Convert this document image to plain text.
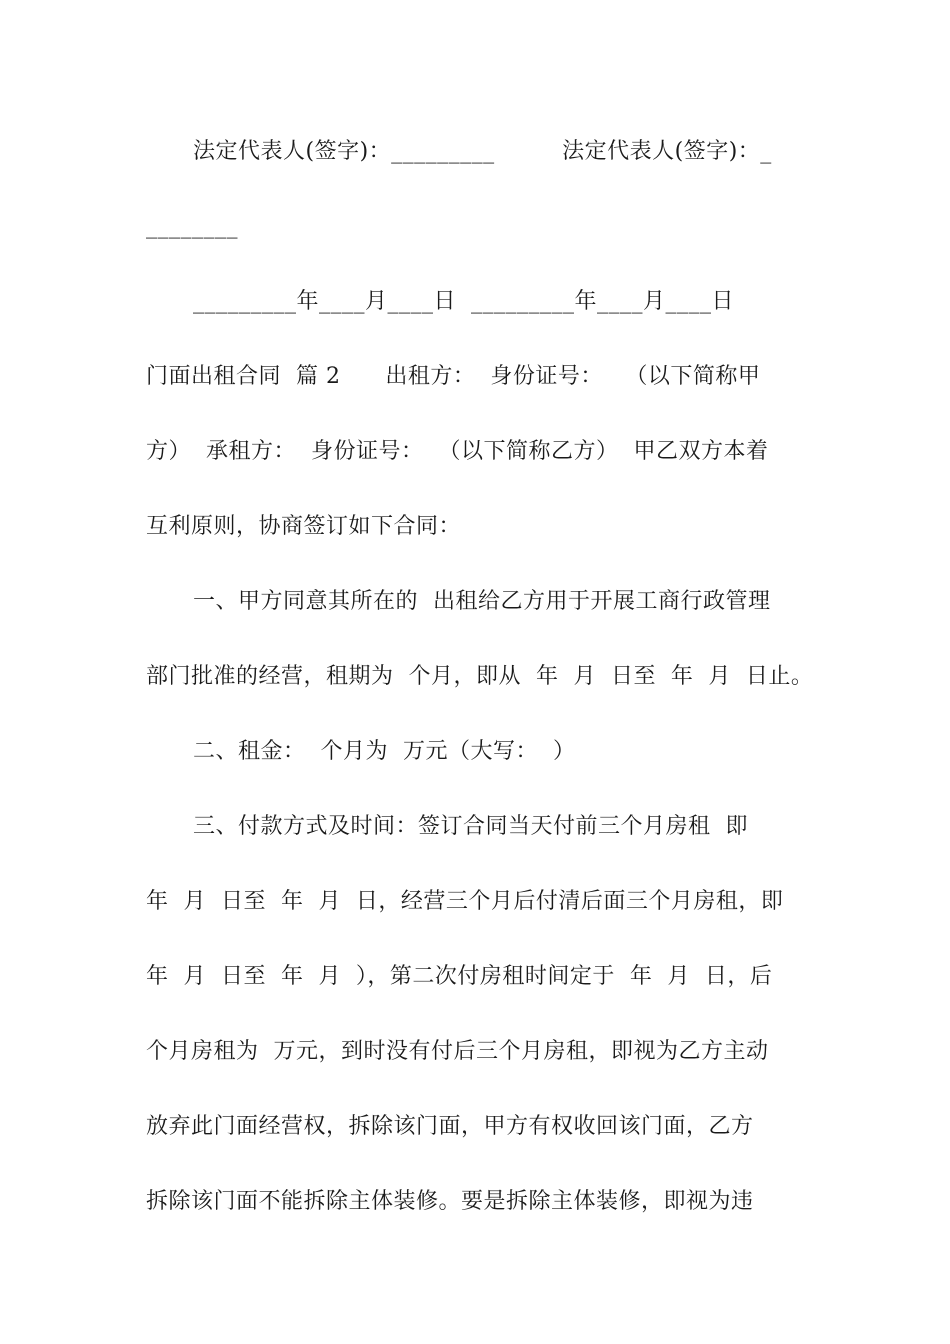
法定代表人(签字)：_________         法定代表人(签字)：_
________
_________年____月____日  _________年____月____日
门面出租合同  篇 2      出租方：  身份证号：   （以下简称甲
方）  承租方：  身份证号：  （以下简称乙方）  甲乙双方本着
互利原则，协商签订如下合同：
一、甲方同意其所在的  出租给乙方用于开展工商行政管理
部门批准的经营，租期为  个月，即从  年  月  日至  年  月  日止。
二、租金：  个月为  万元（大写：  ）
三、付款方式及时间：签订合同当天付前三个月房租  即
年  月  日至  年  月  日，经营三个月后付清后面三个月房租，即
年  月  日至  年  月  ），第二次付房租时间定于  年  月  日，后
个月房租为  万元，到时没有付后三个月房租，即视为乙方主动
放弃此门面经营权，拆除该门面，甲方有权收回该门面，乙方
拆除该门面不能拆除主体装修。要是拆除主体装修，即视为违
